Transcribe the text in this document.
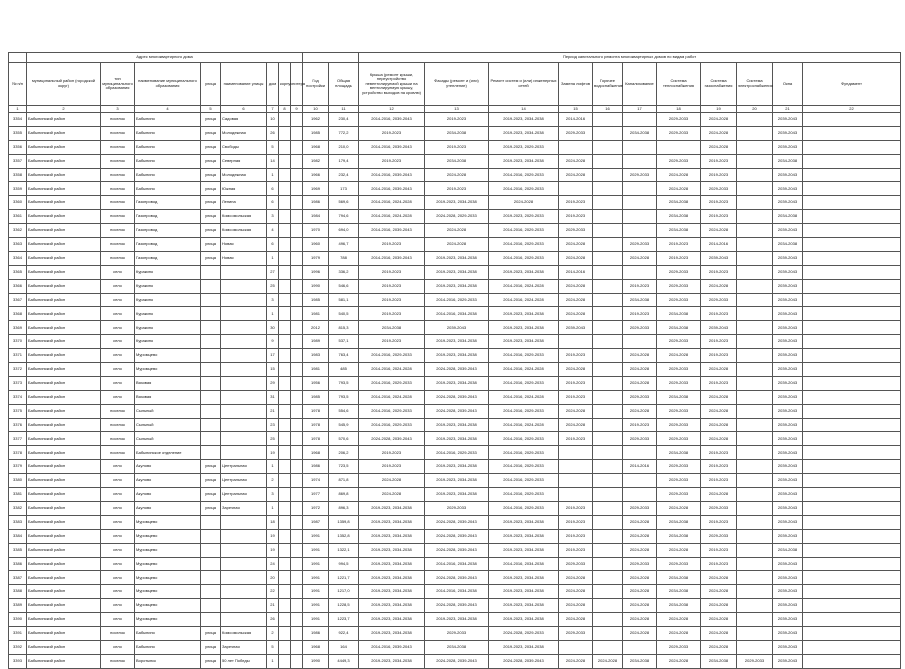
	Адрес многоквартирного дома										Период капитального ремонта многоквартирных домов по видам работ										
№ п/п	муниципальный район (городской округ)	тип муниципального образования	наименование муниципального образования	улица	наименование улицы	дом	корпус	литера	Год постройки	Общая площадь	Крыша (ремонт крыши, переустройство невентилируемой крыши на вентилируемую крышу, устройство выходов на кровлю)	Фасады (ремонт и (или) утепление)	Ремонт систем и (или) инженерных сетей	Замена лифтов	Горячее водоснабжение	Канализование	Система теплоснабжения	Система газоснабжения	Система электроснабжения	Окна	Фундамент
1	2	3	4	5	6	7	8	9	10	11	12	13	14	15	16	17	18	19	20	21	22
3354	Бабынинский район	поселок	Бабынино	улица	Садовая	10			1962	230,4	2014-2016, 2039-2043	2019-2023	2019-2023, 2034-2038	2014-2016			2029-2033	2024-2028		2039-2043	
3355	Бабынинский район	поселок	Бабынино	улица	Молодежная	26			1985	772,2	2019-2023	2034-2038	2019-2023, 2034-2038	2029-2033		2034-2038	2029-2033	2024-2028		2039-2043	
3356	Бабынинский район	поселок	Бабынино	улица	Свободы	5			1968	210,0	2014-2016, 2039-2043	2019-2023	2019-2023, 2029-2033					2024-2028		2039-2043	
3357	Бабынинский район	поселок	Бабынино	улица	Северная	14			1982	179,4	2019-2023	2034-2038	2019-2023, 2034-2038	2024-2028			2029-2033	2019-2023		2034-2038	
3358	Бабынинский район	поселок	Бабынино	улица	Молодежная	1			1966	232,4	2014-2016, 2039-2043	2024-2028	2014-2016, 2029-2033	2024-2028		2029-2033	2024-2028	2019-2023		2039-2043	
3359	Бабынинский район	поселок	Бабынино	улица	Южная	6			1969	173	2014-2016, 2039-2043	2019-2023	2014-2016, 2029-2033				2024-2028	2029-2033		2039-2043	
3360	Бабынинский район	поселок	Газопровод	улица	Ленина	6			1986	569,6	2014-2016, 2024-2028	2019-2023, 2034-2038	2024-2028	2019-2023			2034-2038	2019-2023		2039-2043	
3361	Бабынинский район	поселок	Газопровод	улица	Комсомольская	3			1984	794,6	2014-2016, 2024-2028	2024-2028, 2029-2033	2019-2023, 2029-2033	2019-2023			2034-2038	2019-2023		2034-2038	
3362	Бабынинский район	поселок	Газопровод	улица	Комсомольская	4			1970	694,0	2014-2016, 2039-2043	2024-2028	2014-2016, 2029-2033	2029-2033			2034-2038	2024-2028		2039-2043	
3363	Бабынинский район	поселок	Газопровод	улица	Новая	6			1960	496,7	2019-2023	2024-2028	2014-2016, 2029-2033	2024-2028		2029-2033	2019-2023	2014-2016		2034-2038	
3364	Бабынинский район	поселок	Газопровод	улица	Новая	1			1979	788	2014-2016, 2039-2043	2019-2023, 2034-2038	2014-2016, 2029-2033	2024-2028		2024-2028	2019-2023	2039-2043		2039-2043	
3365	Бабынинский район	село	Куракино			27			1996	336,2	2019-2023	2019-2023, 2034-2038	2019-2023, 2034-2038	2014-2016			2029-2033	2019-2023		2039-2043	
3366	Бабынинский район	село	Куракино			25			1990	546,6	2019-2023	2019-2023, 2034-2038	2014-2016, 2024-2028	2024-2028		2019-2023	2029-2033	2024-2028		2039-2043	
3367	Бабынинский район	село	Куракино			3			1985	581,1	2019-2023	2014-2016, 2029-2033	2014-2016, 2024-2028	2024-2028		2034-2038	2029-2033	2029-2033		2039-2043	
3368	Бабынинский район	село	Куракино			1			1981	540,5	2019-2023	2014-2016, 2034-2038	2019-2023, 2034-2038	2024-2028		2019-2023	2034-2038	2019-2023		2039-2043	
3369	Бабынинский район	село	Куракино			30			2012	815,3	2034-2038	2039-2043	2019-2023, 2034-2038	2039-2043		2029-2033	2034-2038	2039-2043		2039-2043	
3370	Бабынинский район	село	Куракино			9			1989	537,1	2019-2023	2019-2023, 2034-2038	2019-2023, 2034-2038				2029-2033	2019-2023		2039-2043	
3371	Бабынинский район	село	Муромцево			17			1983	763,4	2014-2016, 2029-2033	2019-2023, 2034-2038	2014-2016, 2029-2033	2019-2023		2024-2028	2024-2028	2019-2023		2039-2043	
3372	Бабынинский район	село	Муромцево			15			1981	485	2014-2016, 2024-2028	2024-2028, 2039-2043	2014-2016, 2024-2028	2024-2028		2024-2028	2029-2033	2024-2028		2039-2043	
3373	Бабынинский район	село	Вязовая			29			1956	793,5	2014-2016, 2029-2033	2019-2023, 2034-2038	2014-2016, 2029-2033	2019-2023		2024-2028	2029-2033	2019-2023		2039-2043	
3374	Бабынинский район	село	Вязовая			31			1985	793,5	2014-2016, 2024-2028	2024-2028, 2039-2043	2014-2016, 2024-2028	2019-2023		2029-2033	2034-2038	2024-2028		2039-2043	
3375	Бабынинский район	поселок	Сыльный			21			1978	554,6	2014-2016, 2029-2033	2024-2028, 2039-2043	2014-2016, 2029-2033	2024-2028		2024-2028	2029-2033	2024-2028		2039-2043	
3376	Бабынинский район	поселок	Сыльный			23			1978	545,9	2014-2016, 2029-2033	2019-2023, 2034-2038	2014-2016, 2024-2028	2024-2028		2019-2023	2029-2033	2024-2028		2039-2043	
3377	Бабынинский район	поселок	Сыльный			25			1978	570,6	2024-2028, 2039-2043	2019-2023, 2034-2038	2014-2016, 2029-2033	2019-2023		2029-2033	2029-2033	2024-2028		2039-2043	
3378	Бабынинский район	поселок	Бабынинское отделение			19			1968	206,2	2019-2023	2014-2016, 2029-2033	2014-2016, 2029-2033				2034-2038	2019-2023		2039-2043	
3379	Бабынинский район	село	Акулово	улица	Центральная	1			1986	723,5	2019-2023	2019-2023, 2034-2038	2014-2016, 2029-2033			2014-2016	2029-2033	2019-2023		2039-2043	
3380	Бабынинский район	село	Акулово	улица	Центральная	2			1974	871,8	2024-2028	2019-2023, 2034-2038	2014-2016, 2029-2033				2029-2033	2019-2023		2039-2043	
3381	Бабынинский район	село	Акулово	улица	Центральная	3			1977	869,8	2024-2028	2019-2023, 2034-2038	2014-2016, 2029-2033				2029-2033	2024-2028		2039-2043	
3382	Бабынинский район	село	Акулово	улица	Заречная	1			1972	896,3	2019-2023, 2034-2038	2029-2033	2014-2016, 2029-2033	2019-2023		2029-2033	2024-2028	2029-2033		2039-2043	
3383	Бабынинский район	село	Муромцево			18			1987	1359,8	2019-2023, 2034-2038	2024-2028, 2039-2043	2019-2023, 2034-2038	2019-2023		2024-2028	2034-2038	2019-2023		2039-2043	
3384	Бабынинский район	село	Муромцево			19			1991	1352,8	2019-2023, 2034-2038	2024-2028, 2039-2043	2019-2023, 2034-2038	2019-2023		2024-2028	2034-2038	2029-2033		2039-2043	
3385	Бабынинский район	село	Муромцево			19			1991	1322,1	2019-2023, 2034-2038	2024-2028, 2039-2043	2019-2023, 2034-2038	2019-2023		2024-2028	2024-2028	2019-2023		2034-2038	
3386	Бабынинский район	село	Муромцево			24			1991	994,5	2019-2023, 2034-2038	2014-2016, 2034-2038	2014-2016, 2034-2038	2029-2033		2029-2033	2029-2033	2019-2023		2039-2043	
3387	Бабынинский район	село	Муромцево			20			1991	1221,7	2019-2023, 2034-2038	2024-2028, 2039-2043	2019-2023, 2034-2038	2024-2028		2024-2028	2034-2038	2024-2028		2039-2043	
3388	Бабынинский район	село	Муромцево			22			1991	1217,0	2019-2023, 2034-2038	2014-2016, 2034-2038	2019-2023, 2034-2038	2024-2028		2024-2028	2034-2038	2024-2028		2039-2043	
3389	Бабынинский район	село	Муромцево			21			1991	1228,5	2019-2023, 2034-2038	2024-2028, 2039-2043	2019-2023, 2034-2038	2024-2028		2024-2028	2034-2038	2024-2028		2039-2043	
3390	Бабынинский район	село	Муромцево			26			1991	1223,7	2019-2023, 2034-2038	2019-2023, 2034-2038	2019-2023, 2034-2038	2024-2028		2024-2028	2024-2028	2024-2028		2039-2043	
3391	Бабынинский район	поселок	Бабынино	улица	Комсомольская	2			1986	922,4	2019-2023, 2034-2038	2029-2033	2024-2028, 2029-2033	2029-2033		2024-2028	2024-2028	2024-2028		2039-2043	
3392	Бабынинский район	село	Бабынино	улица	Заречная	5			1968	164	2014-2016, 2039-2043	2034-2038	2019-2023, 2034-2038				2029-2033	2024-2028		2039-2043	
3393	Бабынинский район	поселок	Воротынск	улица	50 лет Победы	1			1990	4449,3	2019-2023, 2034-2038	2024-2028, 2039-2043	2024-2028, 2039-2043	2024-2028	2024-2028	2034-2038	2024-2028	2034-2038	2029-2033	2039-2043	
